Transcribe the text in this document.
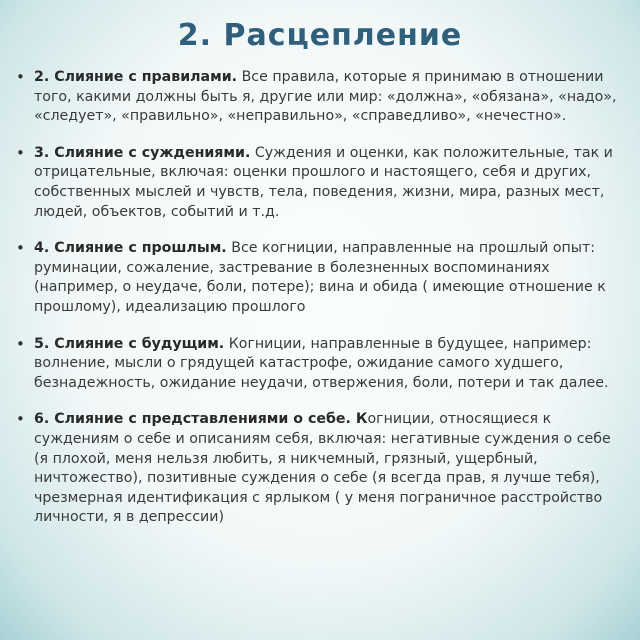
2. Расцепление
• 2. Слияние с правилами. Все правила, которые я принимаю в отношении того, какими должны быть я, другие или мир: «должна», «обязана», «надо», «следует», «правильно», «неправильно», «справедливо», «нечестно».
• 3. Слияние с суждениями. Суждения и оценки, как положительные, так и отрицательные, включая: оценки прошлого и настоящего, себя и других, собственных мыслей и чувств, тела, поведения, жизни, мира, разных мест, людей, объектов, событий и т.д.
• 4. Слияние с прошлым. Все когниции, направленные на прошлый опыт: руминации, сожаление, застревание в болезненных воспоминаниях (например, о неудаче, боли, потере); вина и обида ( имеющие отношение к прошлому), идеализацию прошлого
• 5. Слияние с будущим. Когниции, направленные в будущее, например: волнение, мысли о грядущей катастрофе, ожидание самого худшего, безнадежность, ожидание неудачи, отвержения, боли, потери и так далее.
• 6. Слияние с представлениями о себе. Когниции, относящиеся к суждениям о себе и описаниям себя, включая: негативные суждения о себе (я плохой, меня нельзя любить, я никчемный, грязный, ущербный, ничтожество), позитивные суждения о себе (я всегда прав, я лучше тебя), чрезмерная идентификация с ярлыком ( у меня пограничное расстройство личности, я в депрессии)
